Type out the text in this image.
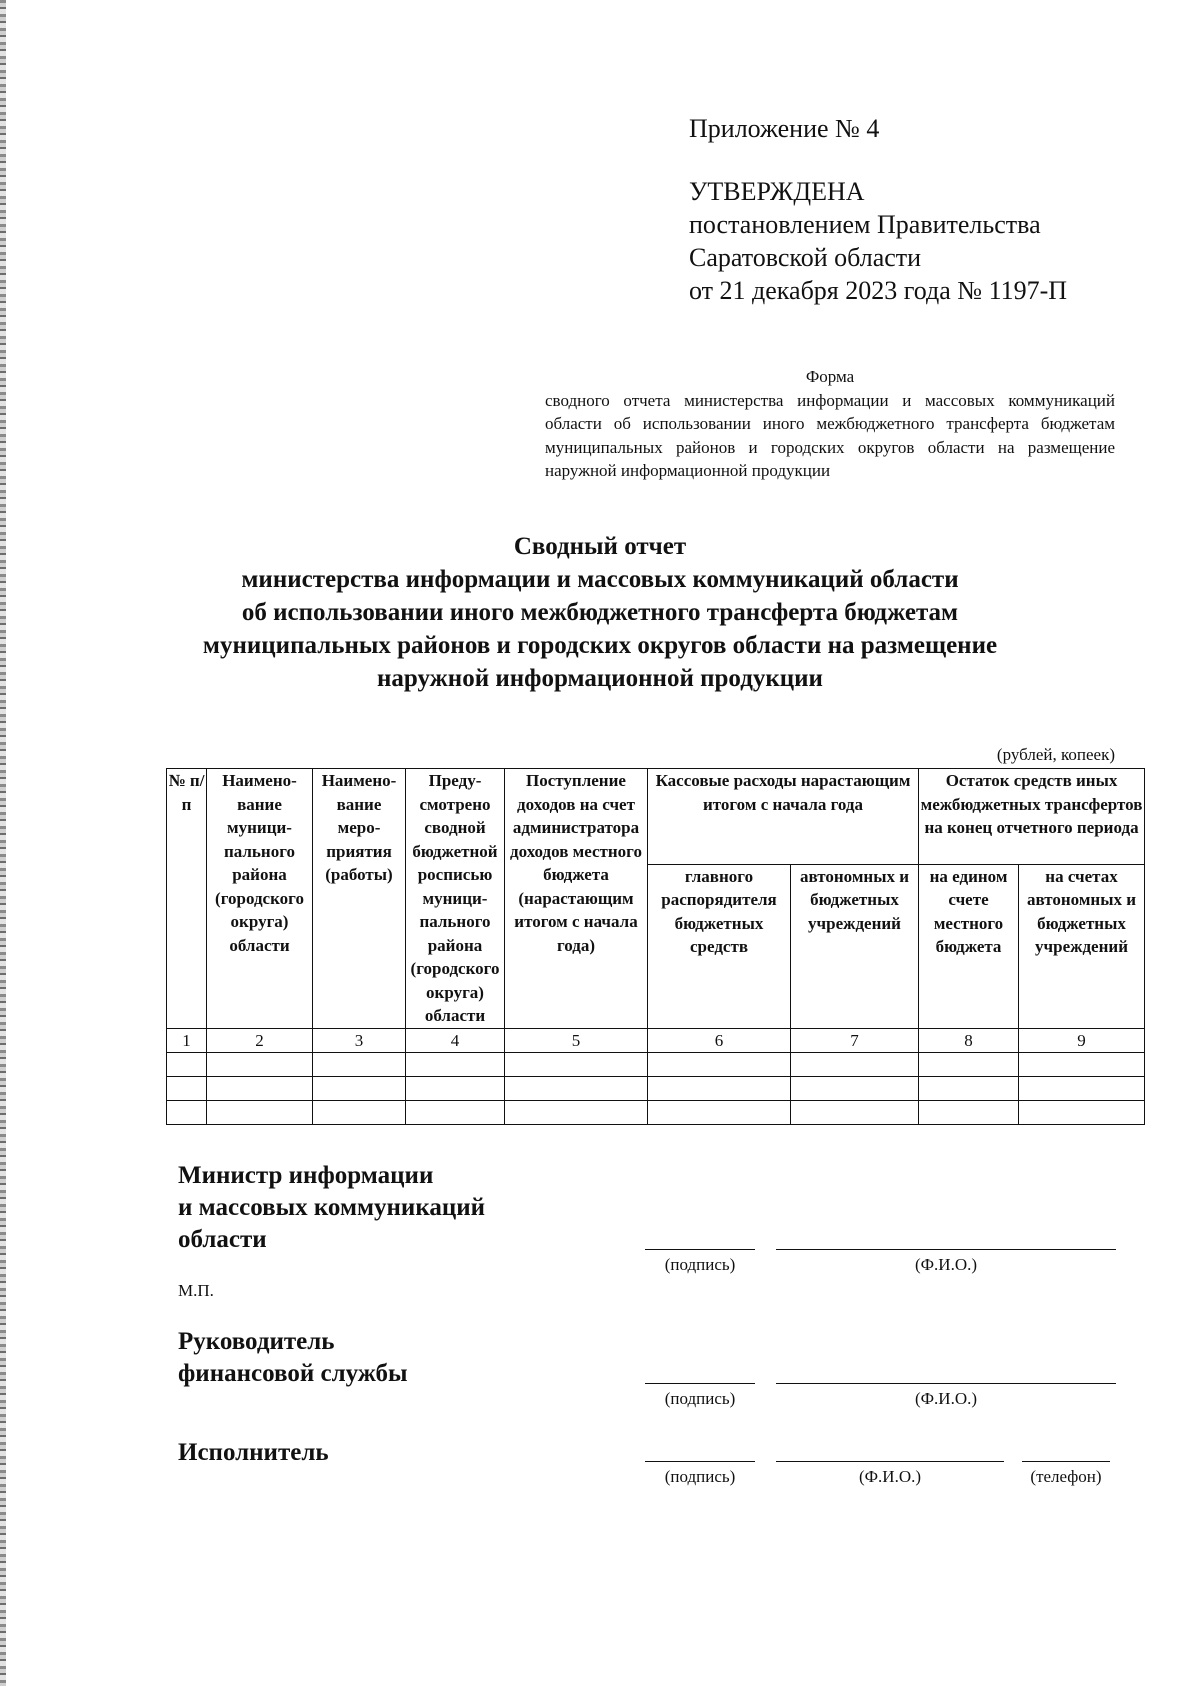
Приложение № 4
УТВЕРЖДЕНА
постановлением Правительства
Саратовской области
от 21 декабря 2023 года № 1197-П
Форма
сводного отчета министерства информации и массовых коммуникаций области об использовании иного межбюджетного трансферта бюджетам муниципальных районов и городских округов области на размещение наружной информационной продукции
Сводный отчет
министерства информации и массовых коммуникаций области
об использовании иного межбюджетного трансферта бюджетам
муниципальных районов и городских округов области на размещение
наружной информационной продукции
(рублей, копеек)
№ п/п	Наимено-вание муници-пального района (городского округа) области	Наимено-вание меро-приятия (работы)	Преду-смотрено сводной бюджетной росписью муници-пального района (городского округа) области	Поступление доходов на счет администратора доходов местного бюджета (нарастающим итогом с начала года)	Кассовые расходы нарастающим итогом с начала года		Остаток средств иных межбюджетных трансфертов на конец отчетного периода	
					главного распорядителя бюджетных средств	автономных и бюджетных учреждений	на едином счете местного бюджета	на счетах автономных и бюджетных учреждений
1	2	3	4	5	6	7	8	9

Министр информации
и массовых коммуникаций
области
М.П.
(подпись)	(Ф.И.О.)
Руководитель
финансовой службы
(подпись)	(Ф.И.О.)
Исполнитель
(подпись)	(Ф.И.О.)	(телефон)
